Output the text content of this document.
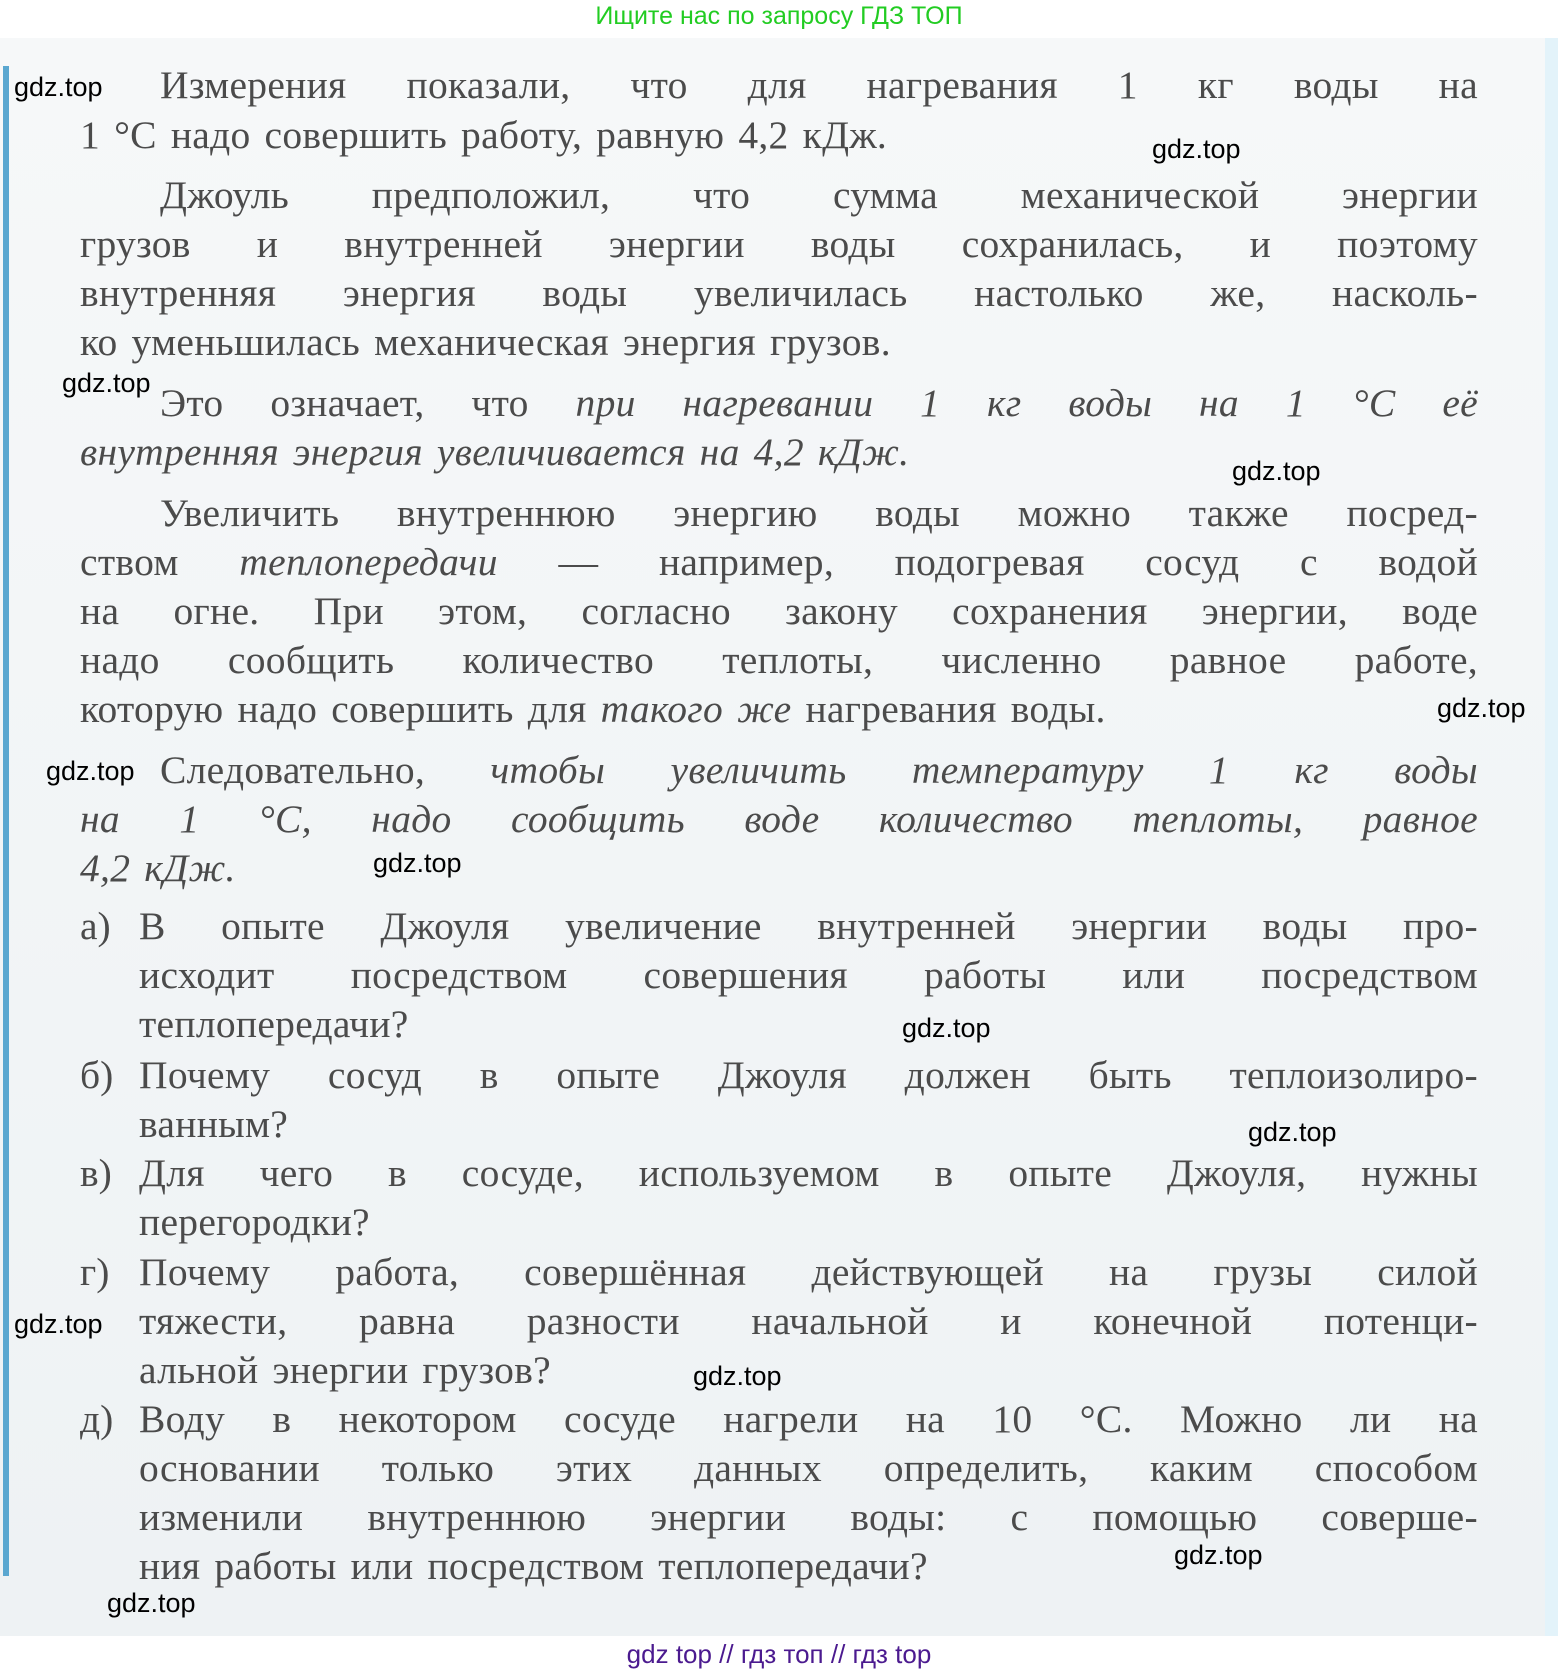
Ищите нас по запросу ГДЗ ТОП
Измерения показали, что для нагревания 1 кг воды на
1 °C надо совершить работу, равную 4,2 кДж.
Джоуль предположил, что сумма механической энергии
грузов и внутренней энергии воды сохранилась, и поэтому
внутренняя энергия воды увеличилась настолько же, насколь-
ко уменьшилась механическая энергия грузов.
Это означает, что при нагревании 1 кг воды на 1 °C её
внутренняя энергия увеличивается на 4,2 кДж.
Увеличить внутреннюю энергию воды можно также посред-
ством теплопередачи — например, подогревая сосуд с водой
на огне. При этом, согласно закону сохранения энергии, воде
надо сообщить количество теплоты, численно равное работе,
которую надо совершить для такого же нагревания воды.
Следовательно, чтобы увеличить температуру 1 кг воды
на 1 °C, надо сообщить воде количество теплоты, равное
4,2 кДж.
а) В опыте Джоуля увеличение внутренней энергии воды про-
исходит посредством совершения работы или посредством
теплопередачи?
б) Почему сосуд в опыте Джоуля должен быть теплоизолиро-
ванным?
в) Для чего в сосуде, используемом в опыте Джоуля, нужны
перегородки?
г) Почему работа, совершённая действующей на грузы силой
тяжести, равна разности начальной и конечной потенци-
альной энергии грузов?
д) Воду в некотором сосуде нагрели на 10 °C. Можно ли на
основании только этих данных определить, каким способом
изменили внутреннюю энергии воды: с помощью соверше-
ния работы или посредством теплопередачи?
gdz.top
gdz.top
gdz.top
gdz.top
gdz.top
gdz.top
gdz.top
gdz.top
gdz.top
gdz.top
gdz.top
gdz.top
gdz.top
gdz top // гдз топ // гдз top
